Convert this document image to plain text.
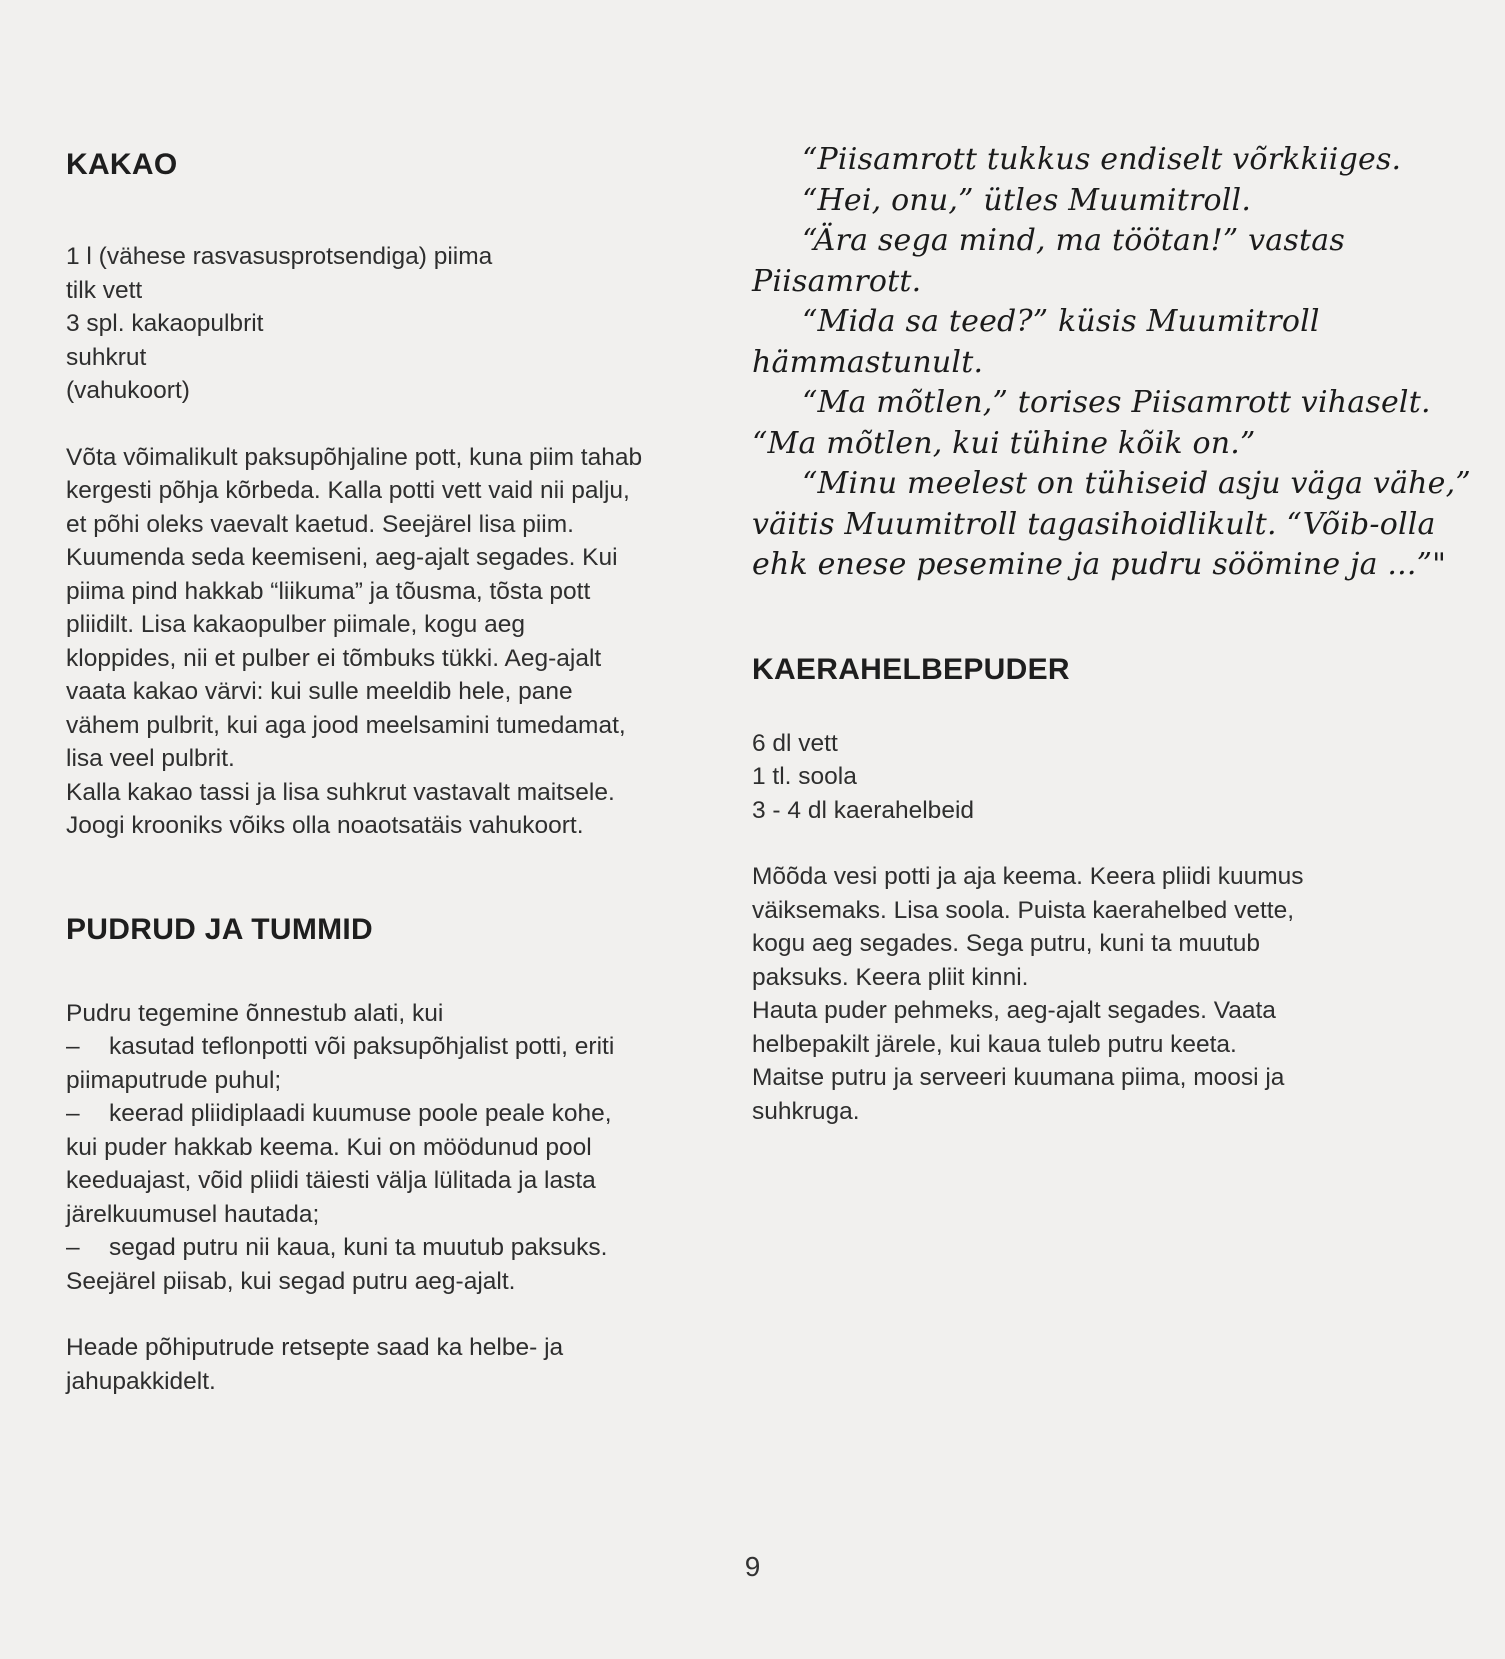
KAKAO
1 l (vähese rasvasusprotsendiga) piima
tilk vett
3 spl. kakaopulbrit
suhkrut
(vahukoort)
Võta võimalikult paksupõhjaline pott, kuna piim tahab
kergesti põhja kõrbeda. Kalla potti vett vaid nii palju,
et põhi oleks vaevalt kaetud. Seejärel lisa piim.
Kuumenda seda keemiseni, aeg-ajalt segades. Kui
piima pind hakkab “liikuma” ja tõusma, tõsta pott
pliidilt. Lisa kakaopulber piimale, kogu aeg
kloppides, nii et pulber ei tõmbuks tükki. Aeg-ajalt
vaata kakao värvi: kui sulle meeldib hele, pane
vähem pulbrit, kui aga jood meelsamini tumedamat,
lisa veel pulbrit.
Kalla kakao tassi ja lisa suhkrut vastavalt maitsele.
Joogi krooniks võiks olla noaotsatäis vahukoort.
PUDRUD JA TUMMID
Pudru tegemine õnnestub alati, kui
– kasutad teflonpotti või paksupõhjalist potti, eriti
piimaputrude puhul;
– keerad pliidiplaadi kuumuse poole peale kohe,
kui puder hakkab keema. Kui on möödunud pool
keeduajast, võid pliidi täiesti välja lülitada ja lasta
järelkuumusel hautada;
– segad putru nii kaua, kuni ta muutub paksuks.
Seejärel piisab, kui segad putru aeg-ajalt.
Heade põhiputrude retsepte saad ka helbe- ja
jahupakkidelt.
“Piisamrott tukkus endiselt võrkkiiges.
“Hei, onu,” ütles Muumitroll.
“Ära sega mind, ma töötan!” vastas
Piisamrott.
“Mida sa teed?” küsis Muumitroll
hämmastunult.
“Ma mõtlen,” torises Piisamrott vihaselt.
“Ma mõtlen, kui tühine kõik on.”
“Minu meelest on tühiseid asju väga vähe,”
väitis Muumitroll tagasihoidlikult. “Võib-olla
ehk enese pesemine ja pudru söömine ja ...”"
KAERAHELBEPUDER
6 dl vett
1 tl. soola
3 - 4 dl kaerahelbeid
Mõõda vesi potti ja aja keema. Keera pliidi kuumus
väiksemaks. Lisa soola. Puista kaerahelbed vette,
kogu aeg segades. Sega putru, kuni ta muutub
paksuks. Keera pliit kinni.
Hauta puder pehmeks, aeg-ajalt segades. Vaata
helbepakilt järele, kui kaua tuleb putru keeta.
Maitse putru ja serveeri kuumana piima, moosi ja
suhkruga.
9
